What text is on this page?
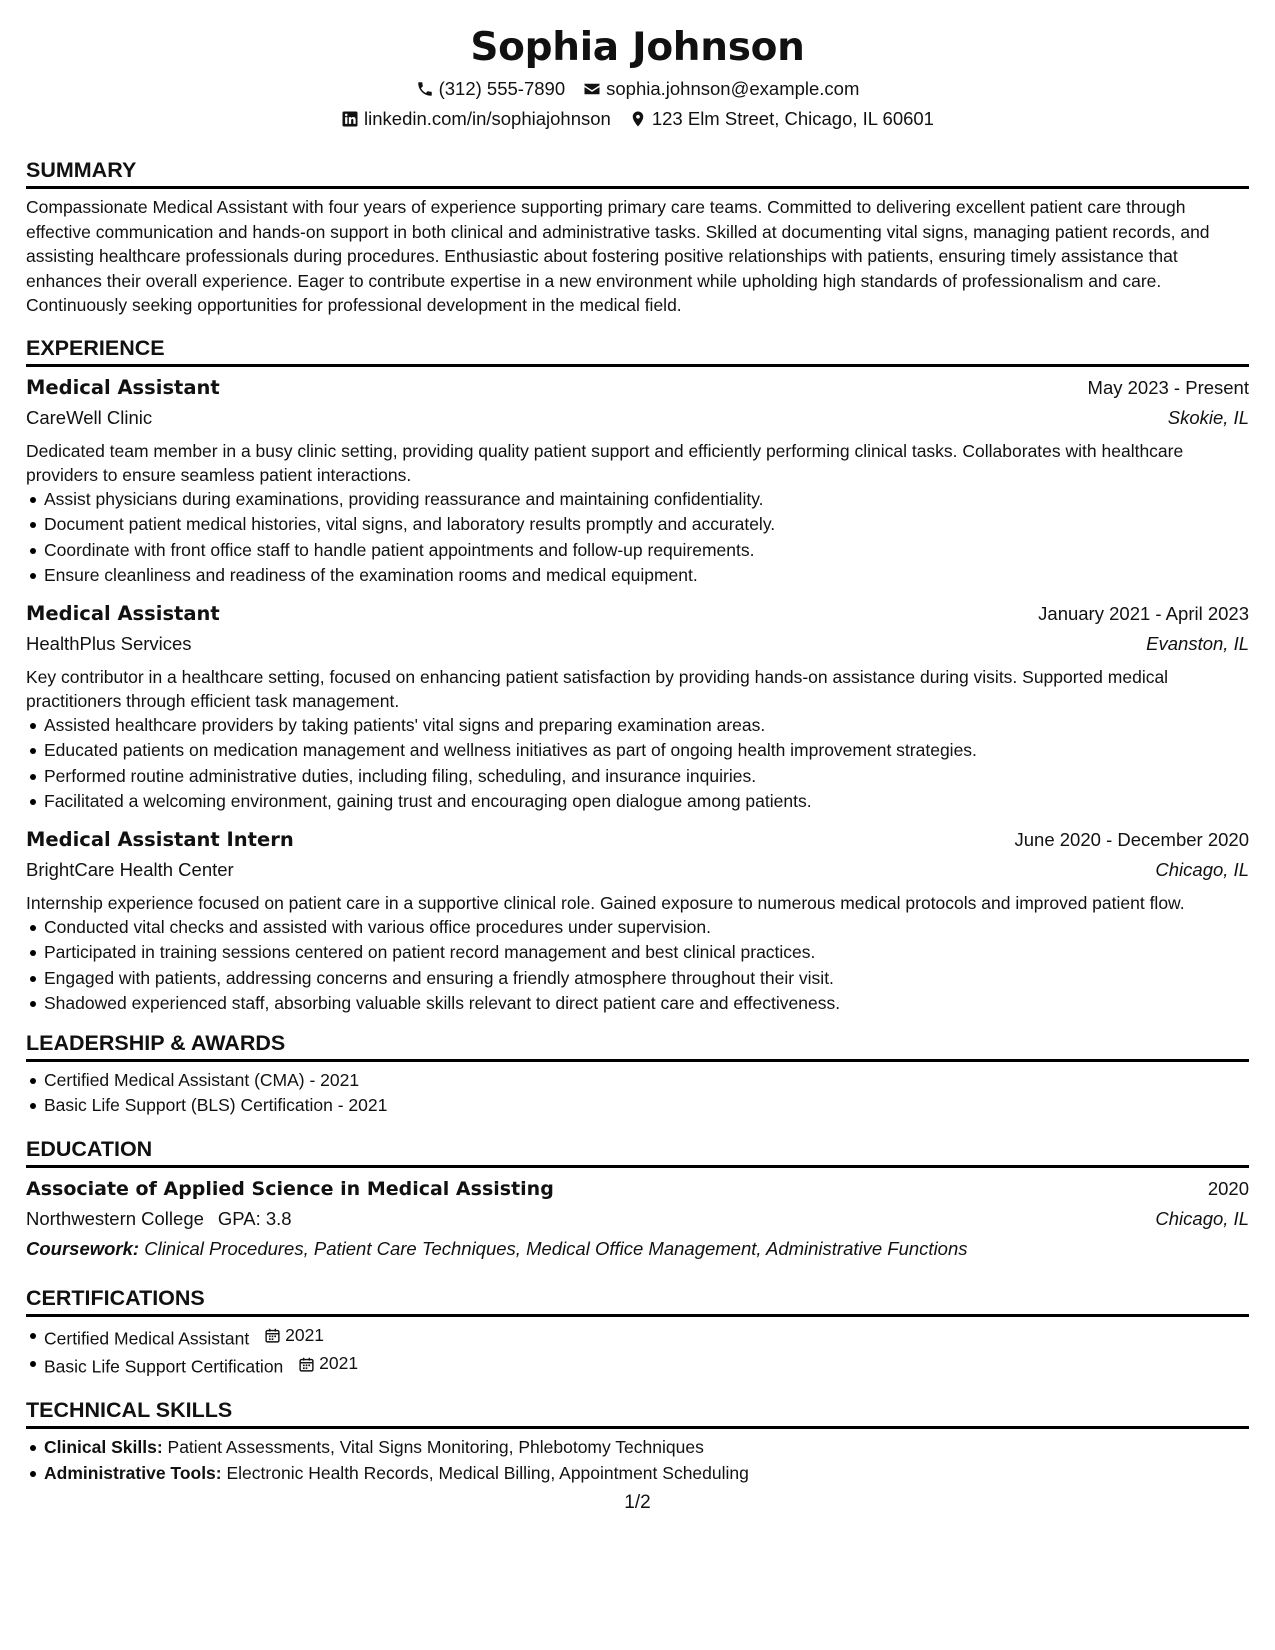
Sophia Johnson
(312) 555-7890 sophia.johnson@example.com
linkedin.com/in/sophiajohnson 123 Elm Street, Chicago, IL 60601
SUMMARY
Compassionate Medical Assistant with four years of experience supporting primary care teams. Committed to delivering excellent patient care through effective communication and hands-on support in both clinical and administrative tasks. Skilled at documenting vital signs, managing patient records, and assisting healthcare professionals during procedures. Enthusiastic about fostering positive relationships with patients, ensuring timely assistance that enhances their overall experience. Eager to contribute expertise in a new environment while upholding high standards of professionalism and care. Continuously seeking opportunities for professional development in the medical field.
EXPERIENCE
Medical Assistant	May 2023 - Present
CareWell Clinic	Skokie, IL
Dedicated team member in a busy clinic setting, providing quality patient support and efficiently performing clinical tasks. Collaborates with healthcare providers to ensure seamless patient interactions.
Assist physicians during examinations, providing reassurance and maintaining confidentiality.
Document patient medical histories, vital signs, and laboratory results promptly and accurately.
Coordinate with front office staff to handle patient appointments and follow-up requirements.
Ensure cleanliness and readiness of the examination rooms and medical equipment.
Medical Assistant	January 2021 - April 2023
HealthPlus Services	Evanston, IL
Key contributor in a healthcare setting, focused on enhancing patient satisfaction by providing hands-on assistance during visits. Supported medical practitioners through efficient task management.
Assisted healthcare providers by taking patients' vital signs and preparing examination areas.
Educated patients on medication management and wellness initiatives as part of ongoing health improvement strategies.
Performed routine administrative duties, including filing, scheduling, and insurance inquiries.
Facilitated a welcoming environment, gaining trust and encouraging open dialogue among patients.
Medical Assistant Intern	June 2020 - December 2020
BrightCare Health Center	Chicago, IL
Internship experience focused on patient care in a supportive clinical role. Gained exposure to numerous medical protocols and improved patient flow.
Conducted vital checks and assisted with various office procedures under supervision.
Participated in training sessions centered on patient record management and best clinical practices.
Engaged with patients, addressing concerns and ensuring a friendly atmosphere throughout their visit.
Shadowed experienced staff, absorbing valuable skills relevant to direct patient care and effectiveness.
LEADERSHIP & AWARDS
Certified Medical Assistant (CMA) - 2021
Basic Life Support (BLS) Certification - 2021
EDUCATION
Associate of Applied Science in Medical Assisting	2020
Northwestern College GPA: 3.8	Chicago, IL
Coursework: Clinical Procedures, Patient Care Techniques, Medical Office Management, Administrative Functions
CERTIFICATIONS
Certified Medical Assistant 2021
Basic Life Support Certification 2021
TECHNICAL SKILLS
Clinical Skills: Patient Assessments, Vital Signs Monitoring, Phlebotomy Techniques
Administrative Tools: Electronic Health Records, Medical Billing, Appointment Scheduling
1/2
